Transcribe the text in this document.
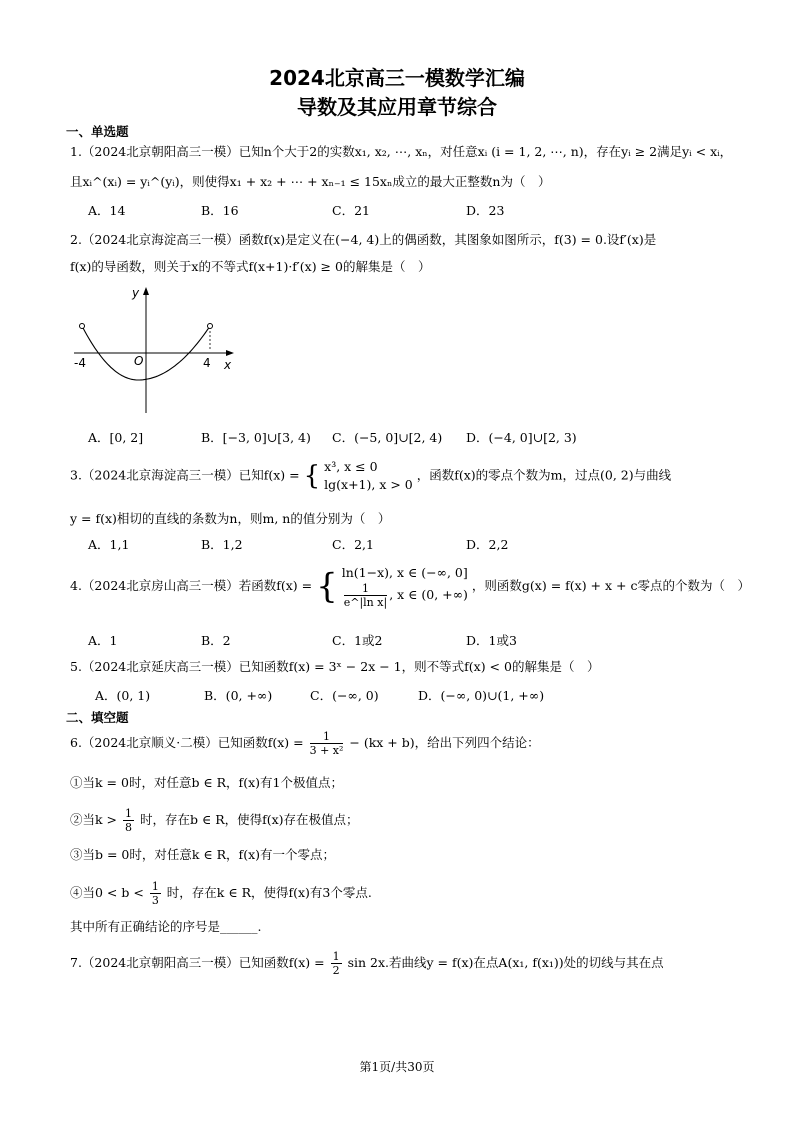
2024北京高三一模数学汇编
导数及其应用章节综合
一、单选题
1.（2024北京朝阳高三一模）已知n个大于2的实数x₁, x₂, ⋯, xₙ，对任意xᵢ (i = 1, 2, ⋯, n)，存在yᵢ ≥ 2满足yᵢ < xᵢ，
且xᵢ^(xᵢ) = yᵢ^(yᵢ)，则使得x₁ + x₂ + ⋯ + xₙ₋₁ ≤ 15xₙ成立的最大正整数n为（　）
A．14	B．16	C．21	D．23
2.（2024北京海淀高三一模）函数f(x)是定义在(−4, 4)上的偶函数，其图象如图所示，f(3) = 0.设f′(x)是
f(x)的导函数，则关于x的不等式f(x+1)·f′(x) ≥ 0的解集是（　）
y
x
O
-4	4
A．[0, 2]	B．[−3, 0]∪[3, 4) C．(−5, 0]∪[2, 4) D．(−4, 0]∪[2, 3)
3.（2024北京海淀高三一模）已知f(x) = { x³, x ≤ 0
lg(x+1), x > 0
，函数f(x)的零点个数为m，过点(0, 2)与曲线
y = f(x)相切的直线的条数为n，则m, n的值分别为（　）
A．1,1	B．1,2	C．2,1	D．2,2
4.（2024北京房山高三一模）若函数f(x) = { ln(1−x), x ∈ (−∞, 0]
$\frac{1}{\text{e\textasciicircum{}|ln x|}}$ , x ∈ (0, +∞)
，则函数g(x) = f(x) + x + c零点的个数为（　）
A．1	B．2	C．1或2	D．1或3
5.（2024北京延庆高三一模）已知函数f(x) = 3ˣ − 2x − 1，则不等式f(x) < 0的解集是（　）
A．(0, 1)	B．(0, +∞)	C．(−∞, 0)	D．(−∞, 0)∪(1, +∞)
二、填空题
6.（2024北京顺义·二模）已知函数$f(x) = \frac{1}{\text{3 + x²}} - (kx + b)$，给出下列四个结论：
①当k = 0时，对任意b ∈ R，f(x)有1个极值点；
②当$k > \frac{1}{8}$ 时，存在b ∈ R，使得f(x)存在极值点；
③当b = 0时，对任意k ∈ R，f(x)有一个零点；
④当$0 < b < \frac{1}{3}$ 时，存在k ∈ R，使得f(x)有3个零点.
其中所有正确结论的序号是______.
7.（2024北京朝阳高三一模）已知函数$f(x) = \frac{1}{2}$ sin 2x.若曲线y = f(x)在点A(x₁, f(x₁))处的切线与其在点
第1页/共30页
